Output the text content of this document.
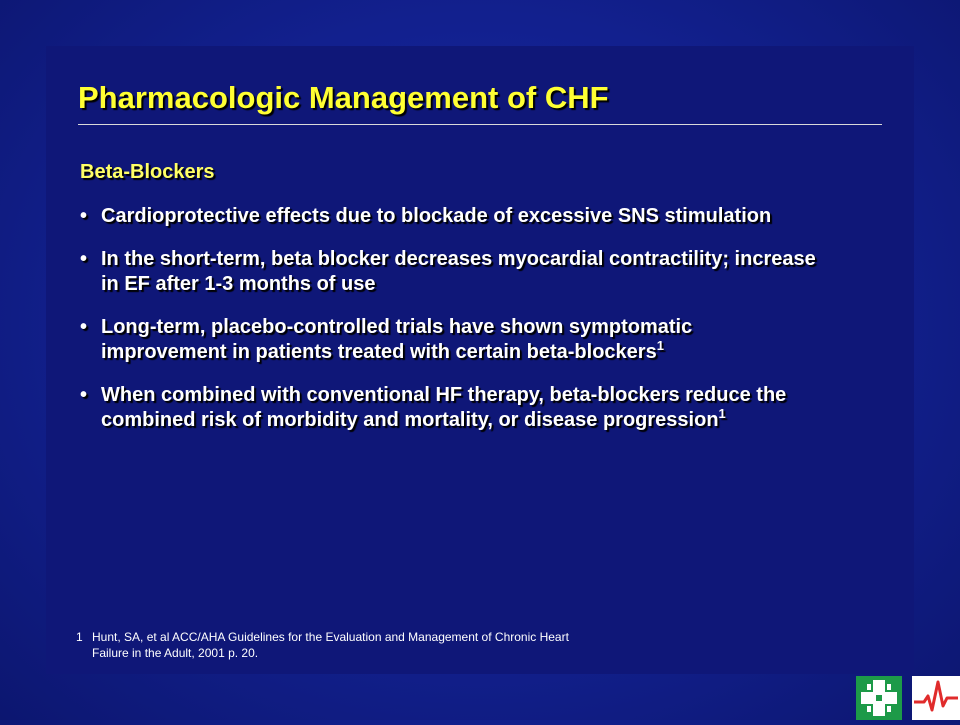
Pharmacologic Management of CHF
Beta-Blockers
• Cardioprotective effects due to blockade of excessive SNS stimulation
• In the short-term, beta blocker decreases myocardial contractility; increase in EF after 1-3 months of use
• Long-term, placebo-controlled trials have shown symptomatic improvement in patients treated with certain beta-blockers$^1$
• When combined with conventional HF therapy, beta-blockers reduce the combined risk of morbidity and mortality, or disease progression$^1$
1 Hunt, SA, et al ACC/AHA Guidelines for the Evaluation and Management of Chronic Heart Failure in the Adult, 2001 p. 20.
